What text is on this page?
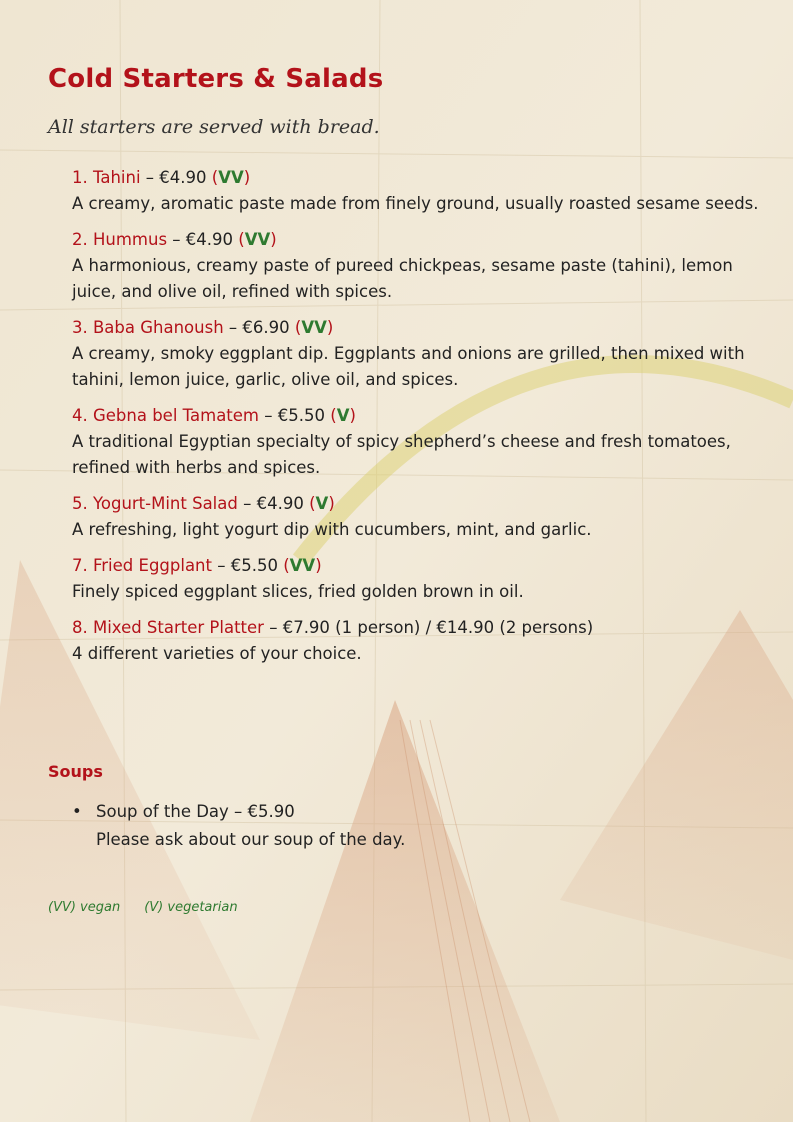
Cold Starters & Salads

All starters are served with bread.

1. Tahini – €4.90 (VV)
A creamy, aromatic paste made from finely ground, usually roasted sesame seeds.
2. Hummus – €4.90 (VV)
A harmonious, creamy paste of pureed chickpeas, sesame paste (tahini), lemon juice, and olive oil, refined with spices.
3. Baba Ghanoush – €6.90 (VV)
A creamy, smoky eggplant dip. Eggplants and onions are grilled, then mixed with tahini, lemon juice, garlic, olive oil, and spices.
4. Gebna bel Tamatem – €5.50 (V)
A traditional Egyptian specialty of spicy shepherd’s cheese and fresh tomatoes, refined with herbs and spices.
5. Yogurt-Mint Salad – €4.90 (V)
A refreshing, light yogurt dip with cucumbers, mint, and garlic.
7. Fried Eggplant – €5.50 (VV)
Finely spiced eggplant slices, fried golden brown in oil.
8. Mixed Starter Platter – €7.90 (1 person) / €14.90 (2 persons)
4 different varieties of your choice.
Soups
• Soup of the Day – €5.90
Please ask about our soup of the day.
(VV) vegan (V) vegetarian
